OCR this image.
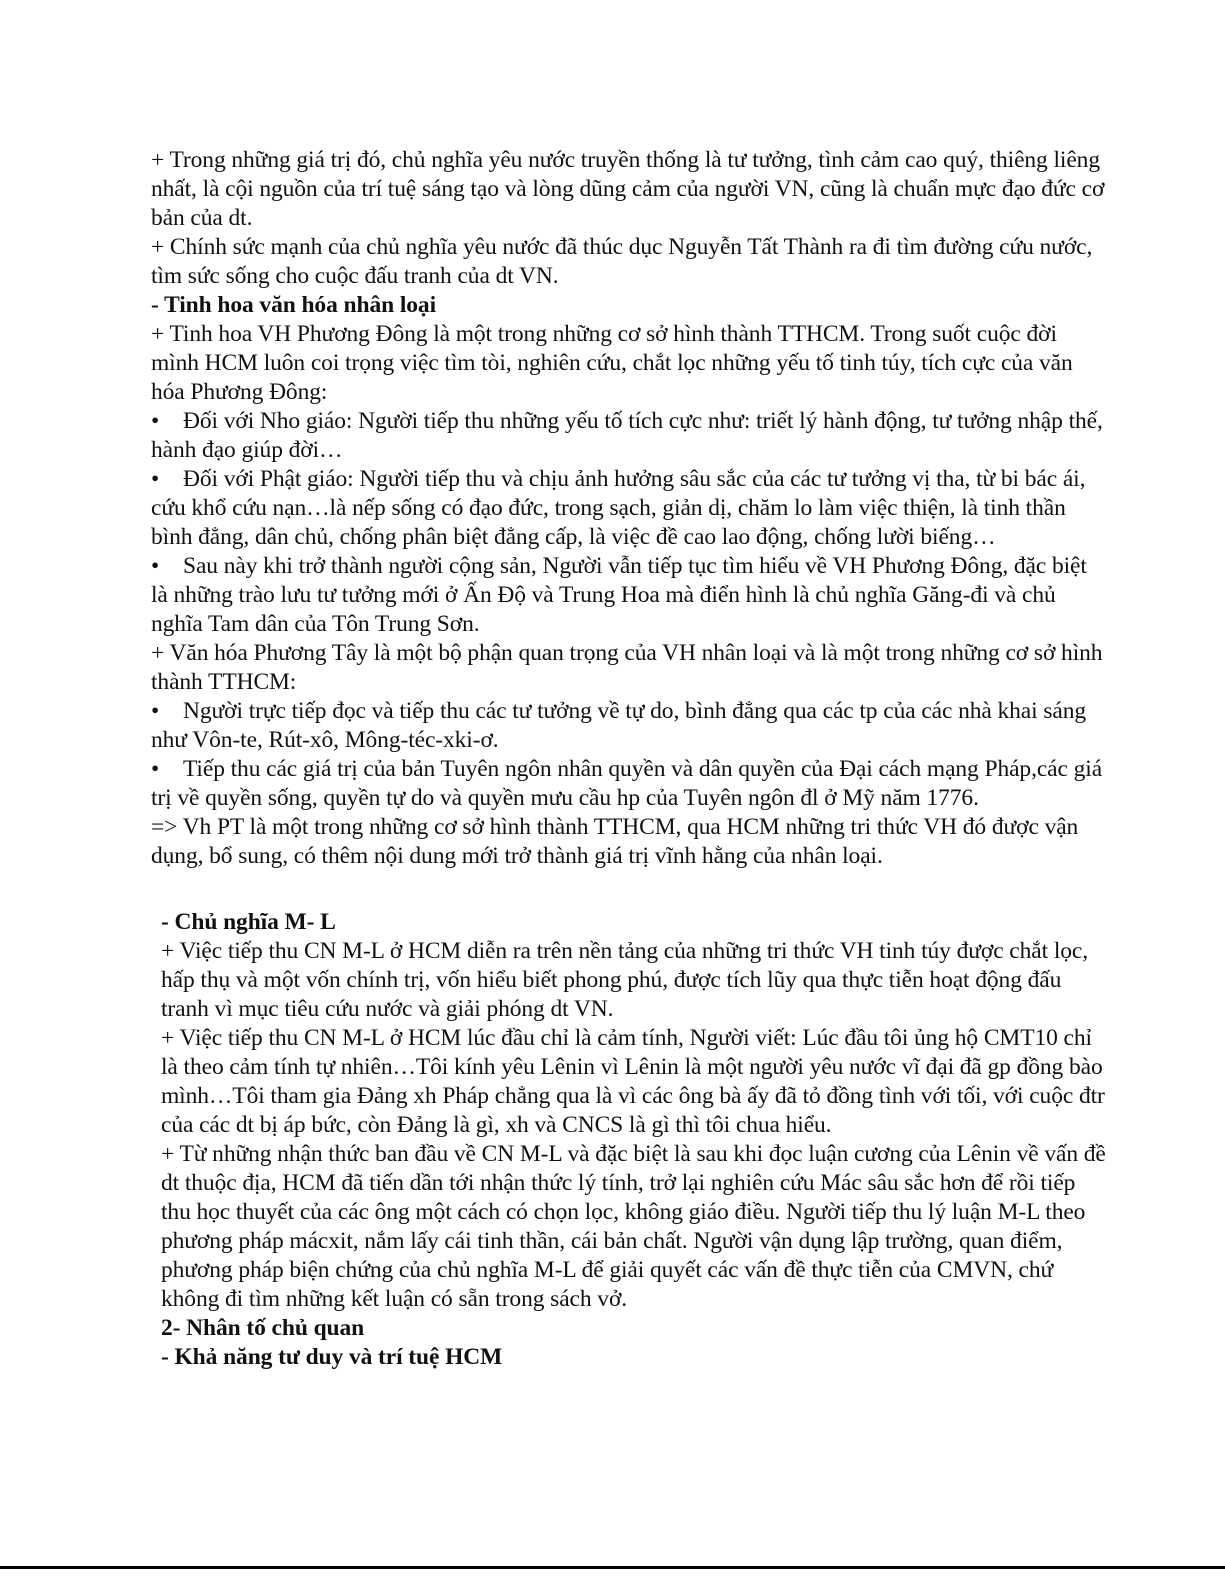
+ Trong những giá trị đó, chủ nghĩa yêu nước truyền thống là tư tưởng, tình cảm cao quý, thiêng liêng nhất, là cội nguồn của trí tuệ sáng tạo và lòng dũng cảm của người VN, cũng là chuẩn mực đạo đức cơ bản của dt.

+ Chính sức mạnh của chủ nghĩa yêu nước đã thúc dục Nguyễn Tất Thành ra đi tìm đường cứu nước, tìm sức sống cho cuộc đấu tranh của dt VN.

- Tinh hoa văn hóa nhân loại

+ Tinh hoa VH Phương Đông là một trong những cơ sở hình thành TTHCM. Trong suốt cuộc đời mình HCM luôn coi trọng việc tìm tòi, nghiên cứu, chắt lọc những yếu tố tinh túy, tích cực của văn hóa Phương Đông:

• Đối với Nho giáo: Người tiếp thu những yếu tố tích cực như: triết lý hành động, tư tưởng nhập thế, hành đạo giúp đời…

• Đối với Phật giáo: Người tiếp thu và chịu ảnh hưởng sâu sắc của các tư tưởng vị tha, từ bi bác ái, cứu khổ cứu nạn…là nếp sống có đạo đức, trong sạch, giản dị, chăm lo làm việc thiện, là tinh thần bình đẳng, dân chủ, chống phân biệt đẳng cấp, là việc đề cao lao động, chống lười biếng…

• Sau này khi trở thành người cộng sản, Người vẫn tiếp tục tìm hiểu về VH Phương Đông, đặc biệt là những trào lưu tư tưởng mới ở Ấn Độ và Trung Hoa mà điển hình là chủ nghĩa Găng-đi và chủ nghĩa Tam dân của Tôn Trung Sơn.

+ Văn hóa Phương Tây là một bộ phận quan trọng của VH nhân loại và là một trong những cơ sở hình thành TTHCM:

• Người trực tiếp đọc và tiếp thu các tư tưởng về tự do, bình đẳng qua các tp của các nhà khai sáng như Vôn-te, Rút-xô, Mông-téc-xki-ơ.

• Tiếp thu các giá trị của bản Tuyên ngôn nhân quyền và dân quyền của Đại cách mạng Pháp,các giá trị về quyền sống, quyền tự do và quyền mưu cầu hp của Tuyên ngôn đl ở Mỹ năm 1776.

=> Vh PT là một trong những cơ sở hình thành TTHCM, qua HCM những tri thức VH đó được vận dụng, bổ sung, có thêm nội dung mới trở thành giá trị vĩnh hằng của nhân loại.

- Chủ nghĩa M- L

+ Việc tiếp thu CN M-L ở HCM diễn ra trên nền tảng của những tri thức VH tinh túy được chắt lọc, hấp thụ và một vốn chính trị, vốn hiểu biết phong phú, được tích lũy qua thực tiễn hoạt động đấu tranh vì mục tiêu cứu nước và giải phóng dt VN.

+ Việc tiếp thu CN M-L ở HCM lúc đầu chỉ là cảm tính, Người viết: Lúc đầu tôi ủng hộ CMT10 chỉ là theo cảm tính tự nhiên…Tôi kính yêu Lênin vì Lênin là một người yêu nước vĩ đại đã gp đồng bào mình…Tôi tham gia Đảng xh Pháp chẳng qua là vì các ông bà ấy đã tỏ đồng tình với tối, với cuộc đtr của các dt bị áp bức, còn Đảng là gì, xh và CNCS là gì thì tôi chua hiểu.

+ Từ những nhận thức ban đầu về CN M-L và đặc biệt là sau khi đọc luận cương của Lênin về vấn đề dt thuộc địa, HCM đã tiến dần tới nhận thức lý tính, trở lại nghiên cứu Mác sâu sắc hơn để rồi tiếp thu học thuyết của các ông một cách có chọn lọc, không giáo điều. Người tiếp thu lý luận M-L theo phương pháp mácxit, nắm lấy cái tinh thần, cái bản chất. Người vận dụng lập trường, quan điểm, phương pháp biện chứng của chủ nghĩa M-L để giải quyết các vấn đề thực tiễn của CMVN, chứ không đi tìm những kết luận có sẵn trong sách vở.

2- Nhân tố chủ quan

- Khả năng tư duy và trí tuệ HCM
